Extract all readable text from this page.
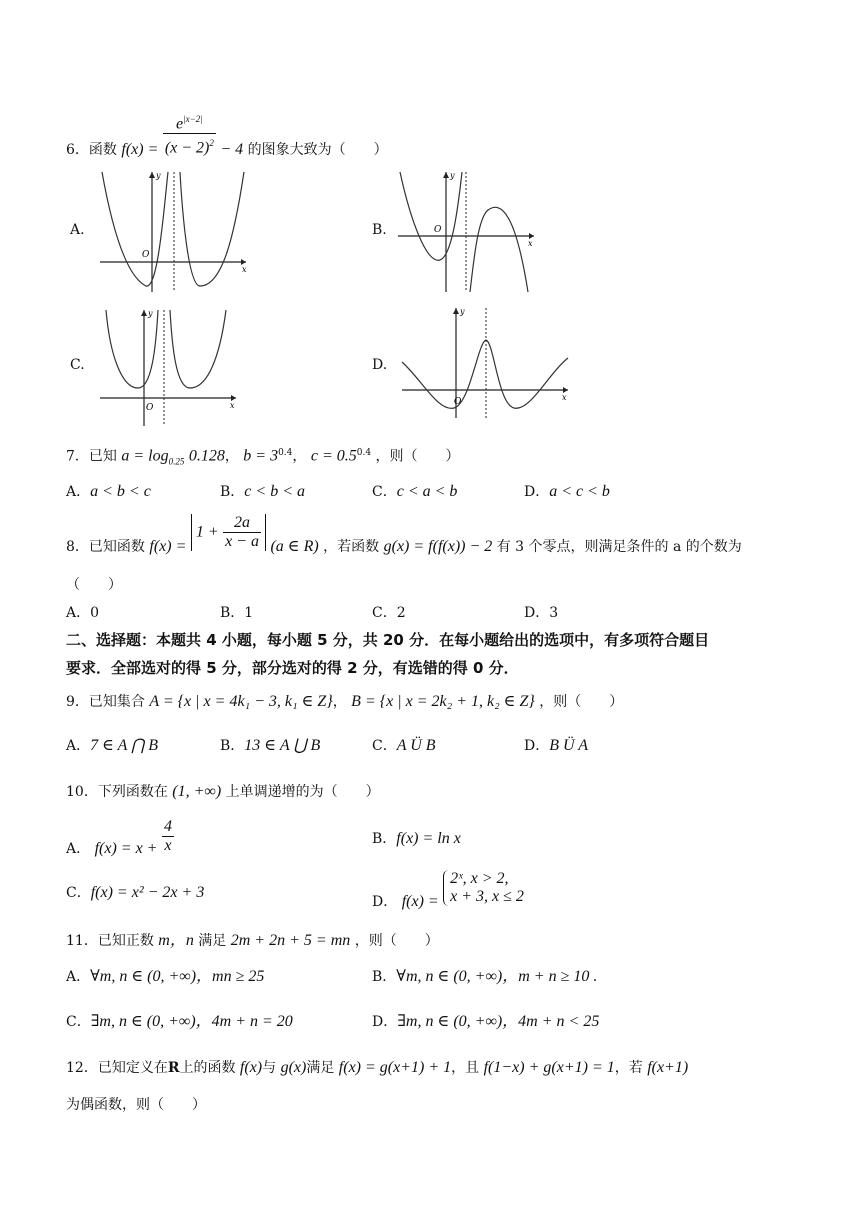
6．函数 $f(x) = \frac{e^{|x-2|}}{(x - 2)^2} - 4$ 的图象大致为（　　）
A.	B.
C.	D.
O
y
x
O
y
x
O
y
x	O
y
x
7．已知 $a = \log_{0.25} 0.128$， $b = 3^{0.4}$， $c = 0.5^{0.4}$ ，则（　　）
A．a < b < c	B．c < b < a	C．c < a < b	D．a < c < b
8．已知函数 $f(x) = 1 + \frac{2a}{x - a} (a$ ∈ R) ，若函数 g(x) = f(f(x)) − 2 有 3 个零点，则满足条件的 a 的个数为
（　　）
A．0	B．1	C．2	D．3
二、选择题：本题共 4 小题，每小题 5 分，共 20 分．在每小题给出的选项中，有多项符合题目
要求．全部选对的得 5 分，部分选对的得 2 分，有选错的得 0 分．
9．已知集合 A = {x | x = 4k₁ − 3, k₁ ∈ Z}， B = {x | x = 2k₂ + 1, k₂ ∈ Z} ，则（　　）
A．7 ∈ A ⋂ B	B．13 ∈ A ⋃ B	C．A Ü B	D．B Ü A
10．下列函数在 (1, +∞) 上单调递增的为（　　）
A． $f(x) = x + \frac{4}{x}$	B．f(x) = ln x
C．f(x) = x² − 2x + 3
D． f(x) =
2ˣ, x > 2,
x + 3, x ≤ 2
11．已知正数 m，n 满足 2m + 2n + 5 = mn ，则（　　）
A．∀m, n ∈ (0, +∞)，mn ≥ 25	B．∀m, n ∈ (0, +∞)，m + n ≥ 10 .
C．∃m, n ∈ (0, +∞)，4m + n = 20	D．∃m, n ∈ (0, +∞)，4m + n < 25
12．已知定义在R上的函数 f(x)与 g(x)满足 f(x) = g(x+1) + 1，且 f(1−x) + g(x+1) = 1，若 f(x+1)
为偶函数，则（　　）
